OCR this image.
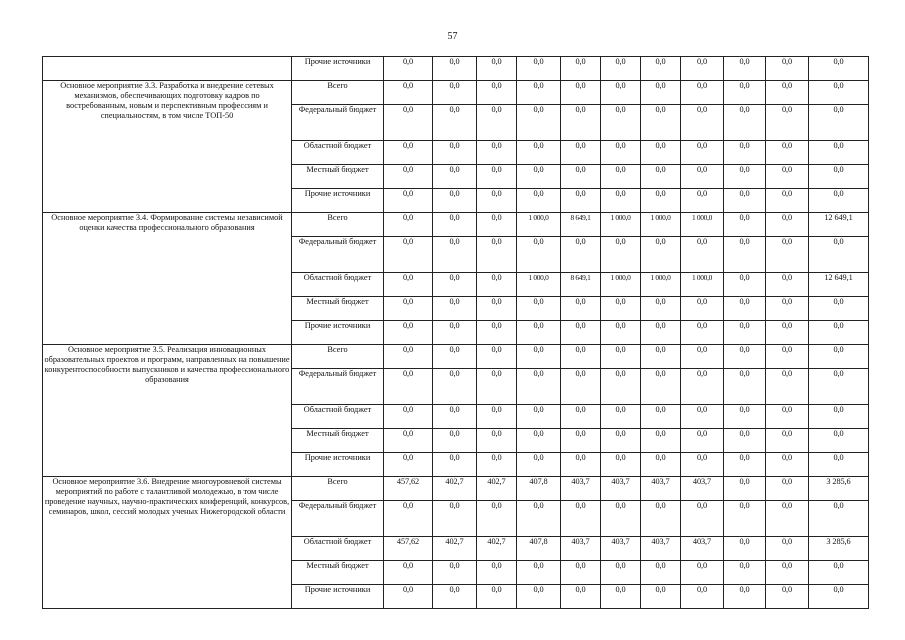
57
	Прочие источники	0,0	0,0	0,0	0,0	0,0	0,0	0,0	0,0	0,0	0,0	0,0
Основное мероприятие 3.3. Разработка и внедрение сетевых механизмов, обеспечивающих подготовку кадров по востребованным, новым и перспективным профессиям и специальностям, в том числе ТОП-50	Всего	0,0	0,0	0,0	0,0	0,0	0,0	0,0	0,0	0,0	0,0	0,0
	Федеральный бюджет	0,0	0,0	0,0	0,0	0,0	0,0	0,0	0,0	0,0	0,0	0,0
	Областной бюджет	0,0	0,0	0,0	0,0	0,0	0,0	0,0	0,0	0,0	0,0	0,0
	Местный бюджет	0,0	0,0	0,0	0,0	0,0	0,0	0,0	0,0	0,0	0,0	0,0
	Прочие источники	0,0	0,0	0,0	0,0	0,0	0,0	0,0	0,0	0,0	0,0	0,0
Основное мероприятие 3.4. Формирование системы независимой оценки качества профессионального образования	Всего	0,0	0,0	0,0	1 000,0	8 649,1	1 000,0	1 000,0	1 000,0	0,0	0,0	12 649,1
	Федеральный бюджет	0,0	0,0	0,0	0,0	0,0	0,0	0,0	0,0	0,0	0,0	0,0
	Областной бюджет	0,0	0,0	0,0	1 000,0	8 649,1	1 000,0	1 000,0	1 000,0	0,0	0,0	12 649,1
	Местный бюджет	0,0	0,0	0,0	0,0	0,0	0,0	0,0	0,0	0,0	0,0	0,0
	Прочие источники	0,0	0,0	0,0	0,0	0,0	0,0	0,0	0,0	0,0	0,0	0,0
Основное мероприятие 3.5. Реализация инновационных образовательных проектов и программ, направленных на повышение конкурентоспособности выпускников и качества профессионального образования	Всего	0,0	0,0	0,0	0,0	0,0	0,0	0,0	0,0	0,0	0,0	0,0
	Федеральный бюджет	0,0	0,0	0,0	0,0	0,0	0,0	0,0	0,0	0,0	0,0	0,0
	Областной бюджет	0,0	0,0	0,0	0,0	0,0	0,0	0,0	0,0	0,0	0,0	0,0
	Местный бюджет	0,0	0,0	0,0	0,0	0,0	0,0	0,0	0,0	0,0	0,0	0,0
	Прочие источники	0,0	0,0	0,0	0,0	0,0	0,0	0,0	0,0	0,0	0,0	0,0
Основное мероприятие 3.6. Внедрение многоуровневой системы мероприятий по работе с талантливой молодежью, в том числе проведение научных, научно-практических конференций, конкурсов, семинаров, школ, сессий молодых ученых Нижегородской области	Всего	457,62	402,7	402,7	407,8	403,7	403,7	403,7	403,7	0,0	0,0	3 285,6
	Федеральный бюджет	0,0	0,0	0,0	0,0	0,0	0,0	0,0	0,0	0,0	0,0	0,0
	Областной бюджет	457,62	402,7	402,7	407,8	403,7	403,7	403,7	403,7	0,0	0,0	3 285,6
	Местный бюджет	0,0	0,0	0,0	0,0	0,0	0,0	0,0	0,0	0,0	0,0	0,0
	Прочие источники	0,0	0,0	0,0	0,0	0,0	0,0	0,0	0,0	0,0	0,0	0,0
